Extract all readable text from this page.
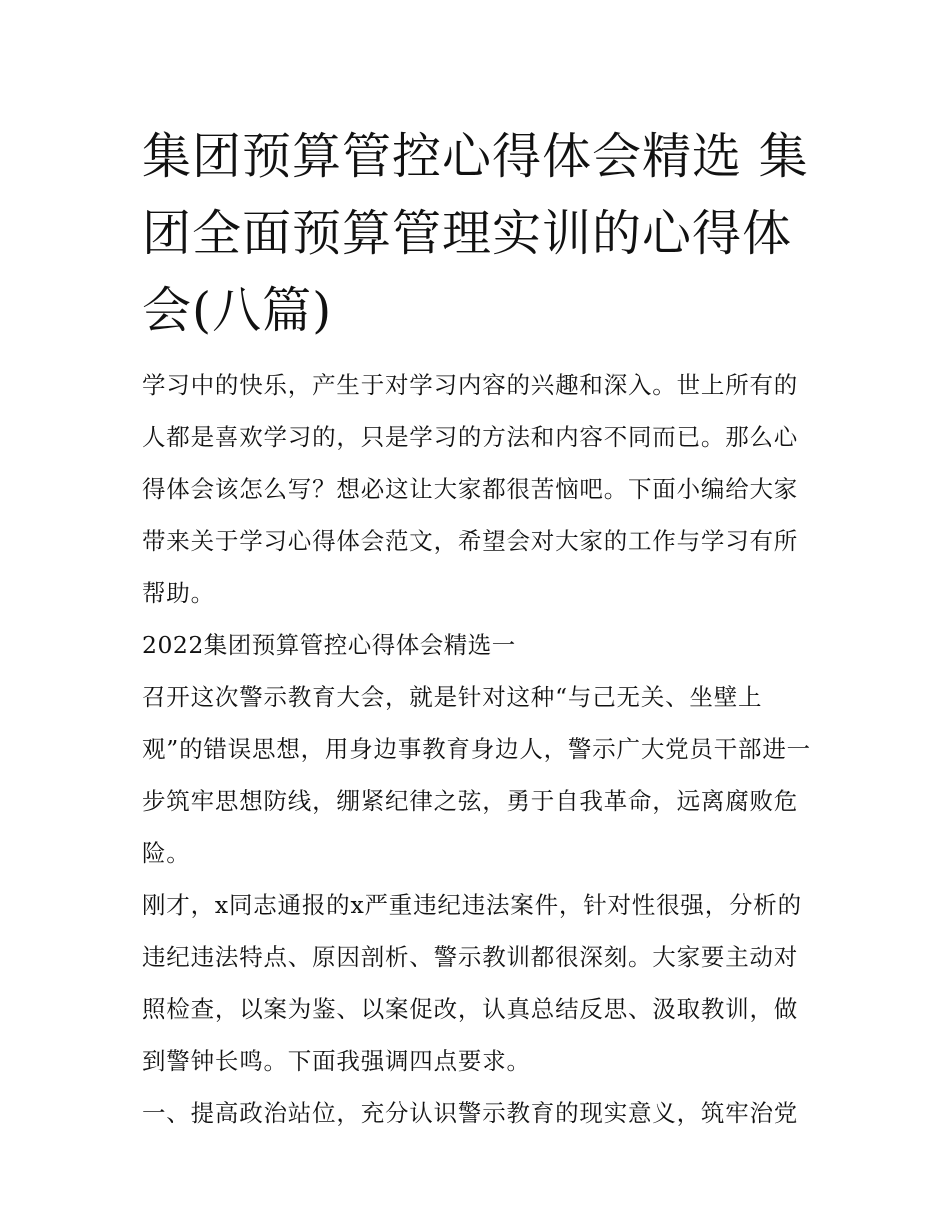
集团预算管控心得体会精选 集团全面预算管理实训的心得体会(八篇)

学习中的快乐，产生于对学习内容的兴趣和深入。世上所有的人都是喜欢学习的，只是学习的方法和内容不同而已。那么心得体会该怎么写？想必这让大家都很苦恼吧。下面小编给大家带来关于学习心得体会范文，希望会对大家的工作与学习有所帮助。

2022集团预算管控心得体会精选一

召开这次警示教育大会，就是针对这种“与己无关、坐壁上观”的错误思想，用身边事教育身边人，警示广大党员干部进一步筑牢思想防线，绷紧纪律之弦，勇于自我革命，远离腐败危险。

刚才，x同志通报的x严重违纪违法案件，针对性很强，分析的违纪违法特点、原因剖析、警示教训都很深刻。大家要主动对照检查，以案为鉴、以案促改，认真总结反思、汲取教训，做到警钟长鸣。下面我强调四点要求。

一、提高政治站位，充分认识警示教育的现实意义，筑牢治党
